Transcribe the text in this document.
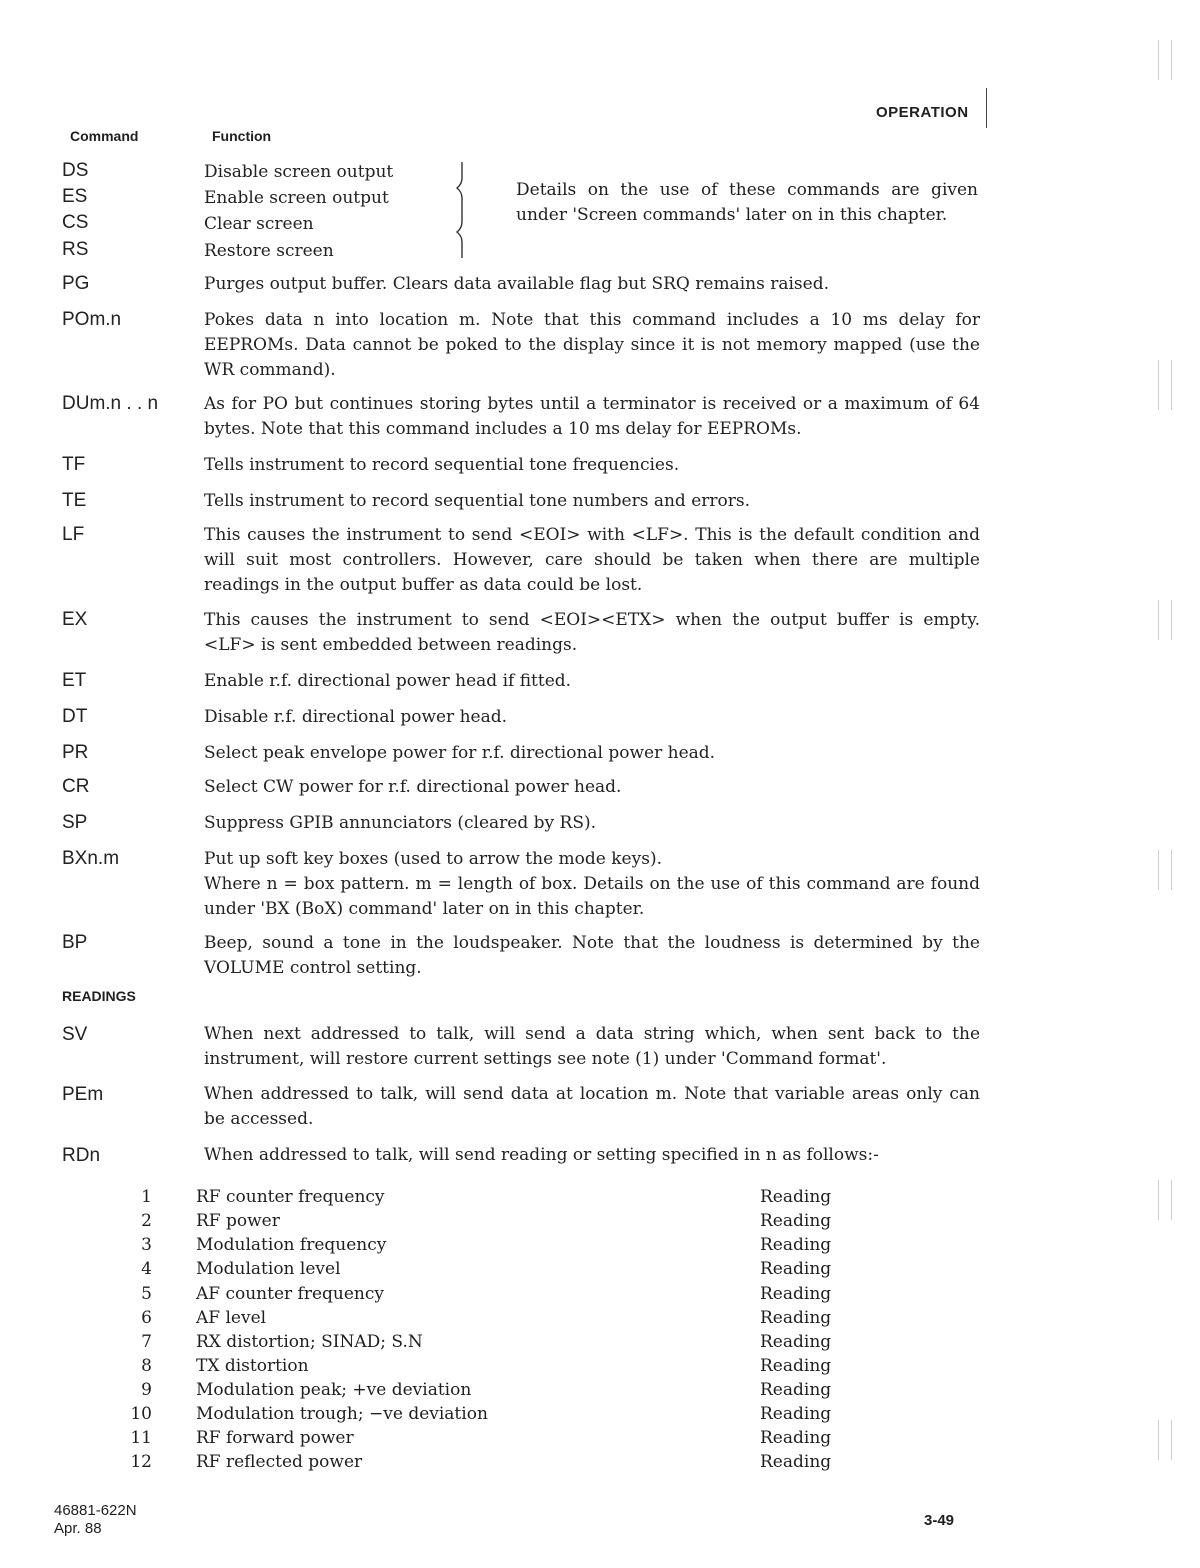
OPERATION
Command	Function
DS	Disable screen output
ES	Enable screen output
CS	Clear screen
RS	Restore screen
Details on the use of these commands are given under 'Screen commands' later on in this chapter.
PG	Purges output buffer. Clears data available flag but SRQ remains raised.
POm.n	Pokes data n into location m. Note that this command includes a 10 ms delay for EEPROMs. Data cannot be poked to the display since it is not memory mapped (use the WR command).
DUm.n . . n	As for PO but continues storing bytes until a terminator is received or a maximum of 64 bytes. Note that this command includes a 10 ms delay for EEPROMs.
TF	Tells instrument to record sequential tone frequencies.
TE	Tells instrument to record sequential tone numbers and errors.
LF	This causes the instrument to send <EOI> with <LF>. This is the default condition and will suit most controllers. However, care should be taken when there are multiple readings in the output buffer as data could be lost.
EX	This causes the instrument to send <EOI><ETX> when the output buffer is empty. <LF> is sent embedded between readings.
ET	Enable r.f. directional power head if fitted.
DT	Disable r.f. directional power head.
PR	Select peak envelope power for r.f. directional power head.
CR	Select CW power for r.f. directional power head.
SP	Suppress GPIB annunciators (cleared by RS).
BXn.m	Put up soft key boxes (used to arrow the mode keys).
Where n = box pattern. m = length of box. Details on the use of this command are found under 'BX (BoX) command' later on in this chapter.
BP	Beep, sound a tone in the loudspeaker. Note that the loudness is determined by the VOLUME control setting.
READINGS
SV	When next addressed to talk, will send a data string which, when sent back to the instrument, will restore current settings see note (1) under 'Command format'.
PEm	When addressed to talk, will send data at location m. Note that variable areas only can be accessed.
RDn	When addressed to talk, will send reading or setting specified in n as follows:-
1	RF counter frequency	Reading
2	RF power	Reading
3	Modulation frequency	Reading
4	Modulation level	Reading
5	AF counter frequency	Reading
6	AF level	Reading
7	RX distortion; SINAD; S.N	Reading
8	TX distortion	Reading
9	Modulation peak; +ve deviation	Reading
10	Modulation trough; −ve deviation	Reading
11	RF forward power	Reading
12	RF reflected power	Reading
46881-622N
Apr. 88	3-49
